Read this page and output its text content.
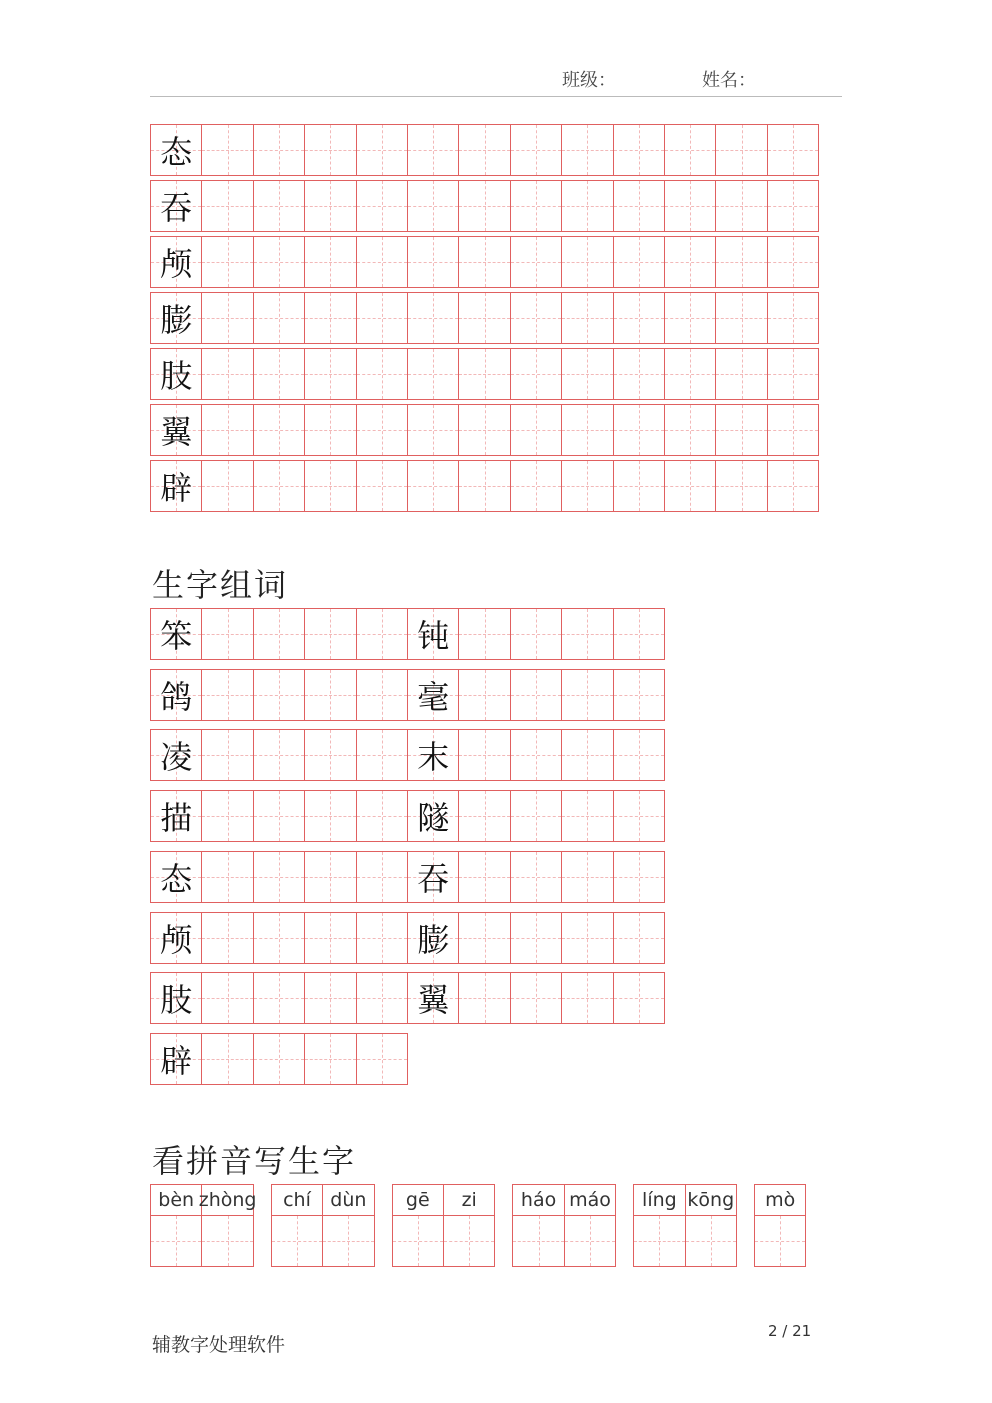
班级：	姓名：
态
吞
颅
膨
肢
翼
辟
生字组词
笨	钝
鸽	毫
凌	末
描	隧
态	吞
颅	膨
肢	翼
辟
看拼音写生字
bèn zhòng	chí	dùn	gē	zi	háo máo	líng kōng	mò
辅教字处理软件
2 / 21
